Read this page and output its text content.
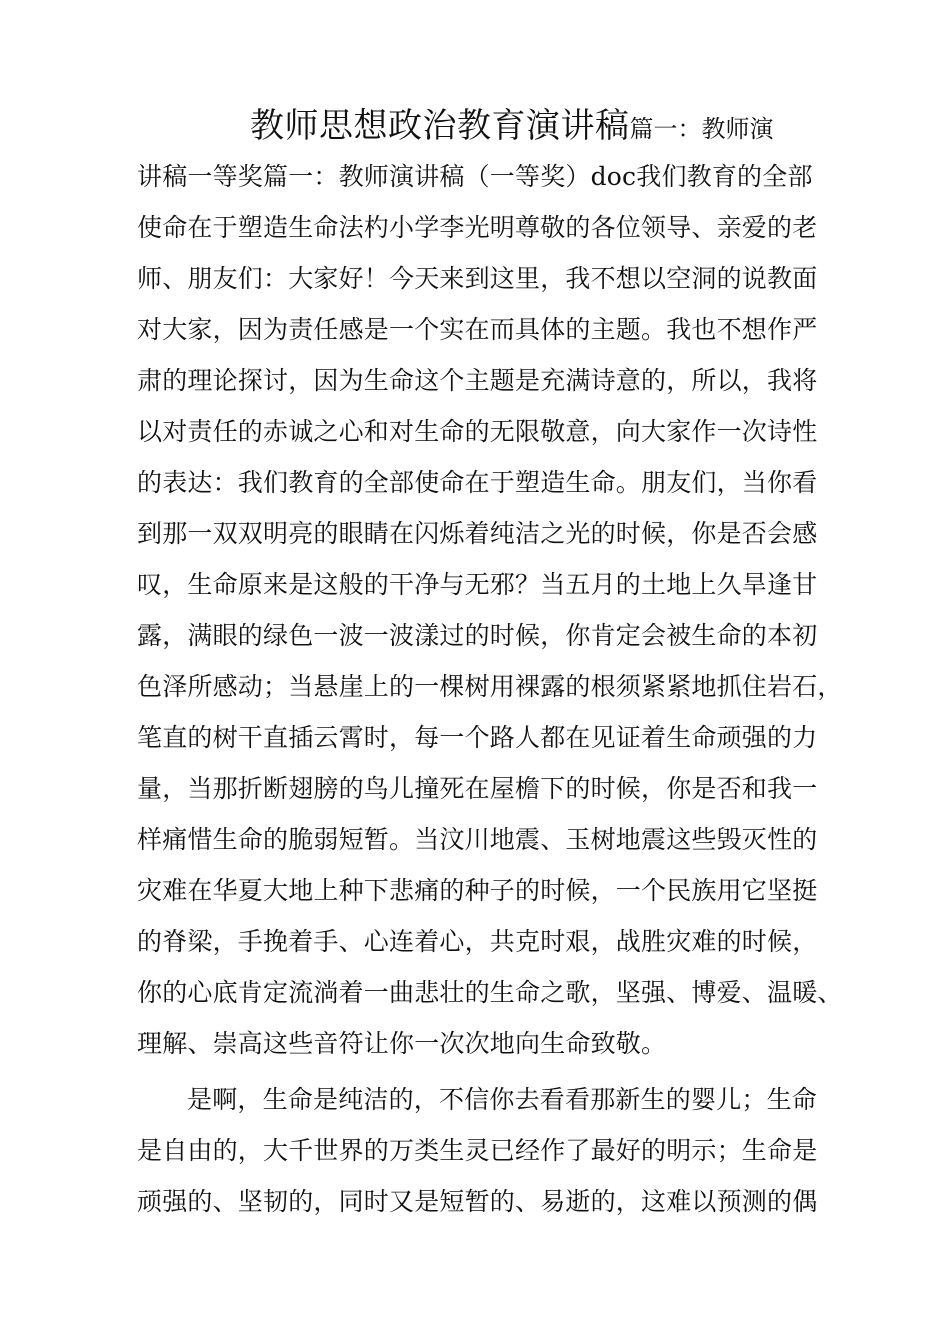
教师思想政治教育演讲稿篇一：教师演
讲稿一等奖篇一：教师演讲稿（一等奖）doc我们教育的全部
使命在于塑造生命法杓小学李光明尊敬的各位领导、亲爱的老
师、朋友们：大家好！今天来到这里，我不想以空洞的说教面
对大家，因为责任感是一个实在而具体的主题。我也不想作严
肃的理论探讨，因为生命这个主题是充满诗意的，所以，我将
以对责任的赤诚之心和对生命的无限敬意，向大家作一次诗性
的表达：我们教育的全部使命在于塑造生命。朋友们，当你看
到那一双双明亮的眼睛在闪烁着纯洁之光的时候，你是否会感
叹，生命原来是这般的干净与无邪？当五月的土地上久旱逢甘
露，满眼的绿色一波一波漾过的时候，你肯定会被生命的本初
色泽所感动；当悬崖上的一棵树用裸露的根须紧紧地抓住岩石，
笔直的树干直插云霄时，每一个路人都在见证着生命顽强的力
量，当那折断翅膀的鸟儿撞死在屋檐下的时候，你是否和我一
样痛惜生命的脆弱短暂。当汶川地震、玉树地震这些毁灭性的
灾难在华夏大地上种下悲痛的种子的时候，一个民族用它坚挺
的脊梁，手挽着手、心连着心，共克时艰，战胜灾难的时候，
你的心底肯定流淌着一曲悲壮的生命之歌，坚强、博爱、温暖、
理解、崇高这些音符让你一次次地向生命致敬。
是啊，生命是纯洁的，不信你去看看那新生的婴儿；生命
是自由的，大千世界的万类生灵已经作了最好的明示；生命是
顽强的、坚韧的，同时又是短暂的、易逝的，这难以预测的偶
